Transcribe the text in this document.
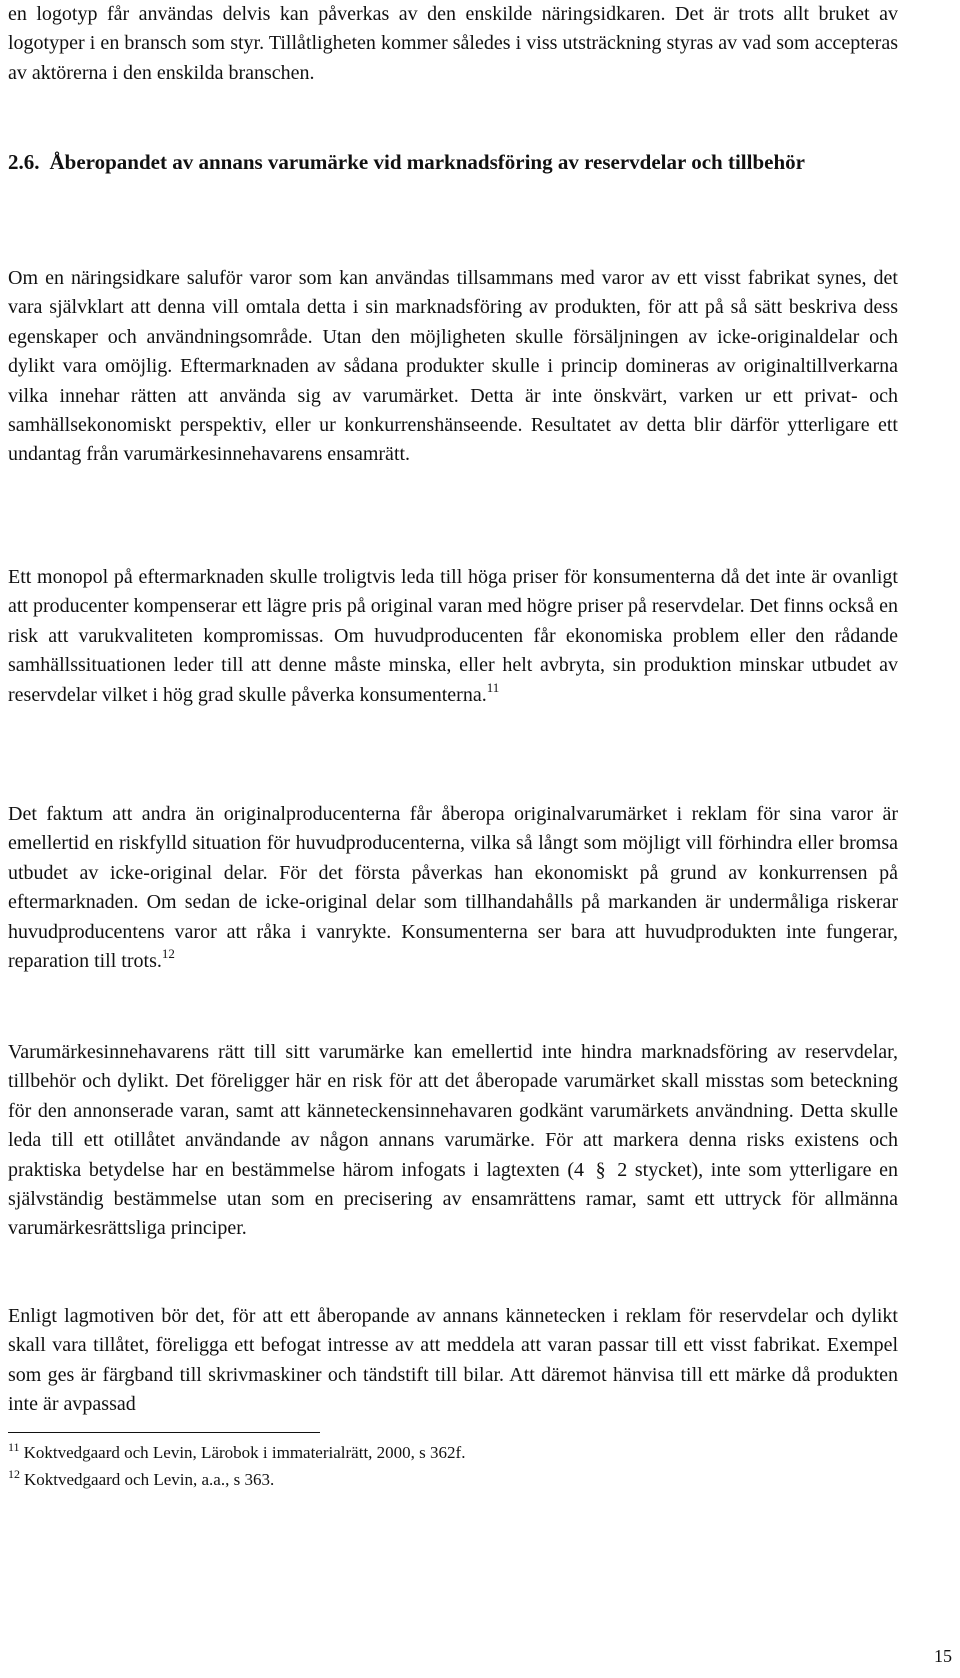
en logotyp får användas delvis kan påverkas av den enskilde näringsidkaren. Det är trots allt bruket av logotyper i en bransch som styr. Tillåtligheten kommer således i viss utsträckning styras av vad som accepteras av aktörerna i den enskilda branschen.

2.6. Åberopandet av annans varumärke vid marknadsföring av reservdelar och tillbehör

Om en näringsidkare saluför varor som kan användas tillsammans med varor av ett visst fabrikat synes, det vara självklart att denna vill omtala detta i sin marknadsföring av produkten, för att på så sätt beskriva dess egenskaper och användningsområde. Utan den möjligheten skulle försäljningen av icke-originaldelar och dylikt vara omöjlig. Eftermarknaden av sådana produkter skulle i princip domineras av originaltillverkarna vilka innehar rätten att använda sig av varumärket. Detta är inte önskvärt, varken ur ett privat- och samhällsekonomiskt perspektiv, eller ur konkurrenshänseende. Resultatet av detta blir därför ytterligare ett undantag från varumärkesinnehavarens ensamrätt.

Ett monopol på eftermarknaden skulle troligtvis leda till höga priser för konsumenterna då det inte är ovanligt att producenter kompenserar ett lägre pris på original varan med högre priser på reservdelar. Det finns också en risk att varukvaliteten kompromissas. Om huvudproducenten får ekonomiska problem eller den rådande samhällssituationen leder till att denne måste minska, eller helt avbryta, sin produktion minskar utbudet av reservdelar vilket i hög grad skulle påverka konsumenterna.$^{11}$

Det faktum att andra än originalproducenterna får åberopa originalvarumärket i reklam för sina varor är emellertid en riskfylld situation för huvudproducenterna, vilka så långt som möjligt vill förhindra eller bromsa utbudet av icke-original delar. För det första påverkas han ekonomiskt på grund av konkurrensen på eftermarknaden. Om sedan de icke-original delar som tillhandahålls på markanden är undermåliga riskerar huvudproducentens varor att råka i vanrykte. Konsumenterna ser bara att huvudprodukten inte fungerar, reparation till trots.$^{12}$

Varumärkesinnehavarens rätt till sitt varumärke kan emellertid inte hindra marknadsföring av reservdelar, tillbehör och dylikt. Det föreligger här en risk för att det åberopade varumärket skall misstas som beteckning för den annonserade varan, samt att känneteckensinnehavaren godkänt varumärkets användning. Detta skulle leda till ett otillåtet användande av någon annans varumärke. För att markera denna risks existens och praktiska betydelse har en bestämmelse härom infogats i lagtexten (4 § 2 stycket), inte som ytterligare en självständig bestämmelse utan som en precisering av ensamrättens ramar, samt ett uttryck för allmänna varumärkesrättsliga principer.

Enligt lagmotiven bör det, för att ett åberopande av annans kännetecken i reklam för reservdelar och dylikt skall vara tillåtet, föreligga ett befogat intresse av att meddela att varan passar till ett visst fabrikat. Exempel som ges är färgband till skrivmaskiner och tändstift till bilar. Att däremot hänvisa till ett märke då produkten inte är avpassad

$^{11}$ Koktvedgaard och Levin, Lärobok i immaterialrätt, 2000, s 362f.

$^{12}$ Koktvedgaard och Levin, a.a., s 363.

15
